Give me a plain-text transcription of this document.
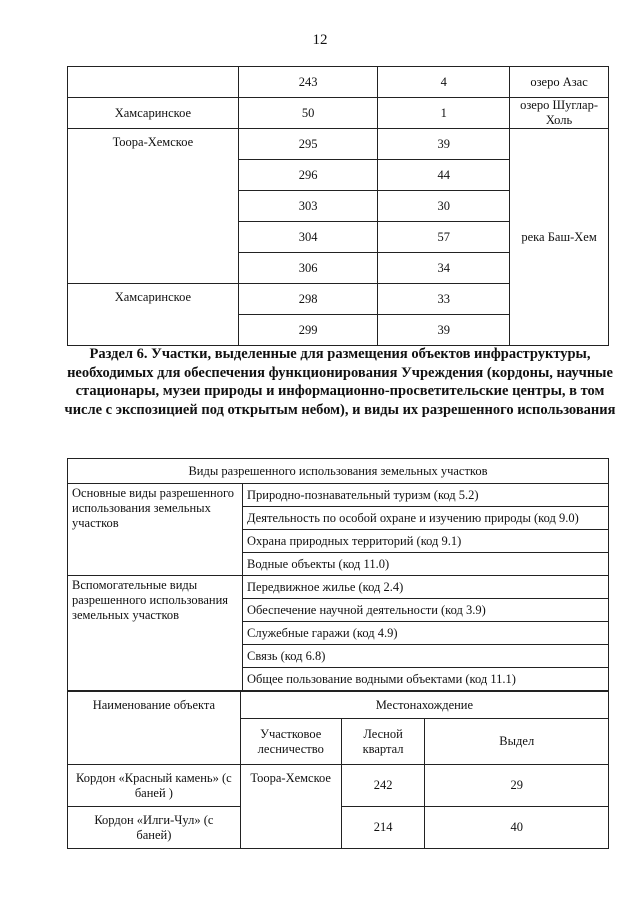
12
	243	4	озеро Азас
Хамсаринское	50	1	озеро Шуглар-Холь
Тоора-Хемское	295	39	река Баш-Хем
	296	44	
	303	30	
	304	57	
	306	34	
Хамсаринское	298	33	
	299	39	
Раздел 6. Участки, выделенные для размещения объектов инфраструктуры, необходимых для обеспечения функционирования Учреждения (кордоны, научные стационары, музеи природы и информационно-просветительские центры, в том числе с экспозицией под открытым небом), и виды их разрешенного использования
Виды разрешенного использования земельных участков	
Основные виды разрешенного использования земельных участков	Природно-познавательный туризм (код 5.2)
	Деятельность по особой охране и изучению природы (код 9.0)
	Охрана природных территорий (код 9.1)
	Водные объекты (код 11.0)
Вспомогательные виды разрешенного использования земельных участков	Передвижное жилье (код 2.4)
	Обеспечение научной деятельности (код 3.9)
	Служебные гаражи (код 4.9)
	Связь (код 6.8)
	Общее пользование водными объектами (код 11.1)
Наименование объекта	Местонахождение		
	Участковое лесничество	Лесной квартал	Выдел
Кордон «Красный камень» (с баней )	Тоора-Хемское	242	29
Кордон «Илги-Чул» (с баней)		214	40
